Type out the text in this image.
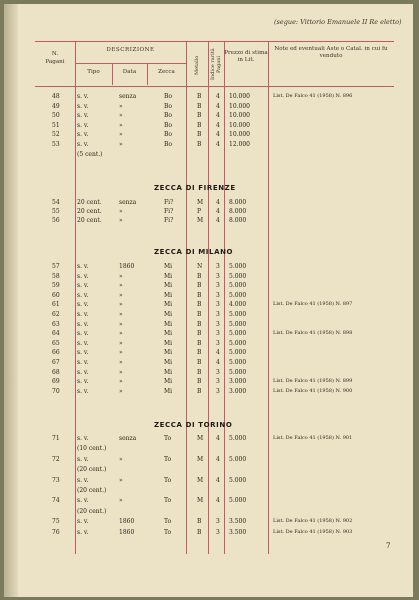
(segue: Vittorio Emanuele II Re eletto)
N.
Pagani
DESCRIZIONE
Tipo	Data	Zecca	Metallo Indice rarità Pagani
Prezzo di stima in Lit.
Note ed eventuali Aste o Catal. in cui fu venduto
48	s. v.	senza	Bo	B 4 10.000	List. De Falco 41 (1958) N. 896
49	s. v.	»	Bo	B 4 10.000
50	s. v.	»	Bo	B 4 10.000
51	s. v.	»	Bo	B 4 10.000
52	s. v.	»	Bo	B 4 10.000
53	s. v.	»	Bo	B 4 12.000
(5 cent.)
ZECCA DI FIRENZE
54	20 cent.	senza	Fi?	M 4 8.000
55	20 cent.	»	Fi?	P 4 8.000
56	20 cent.	»	Fi?	M 4 8.000
ZECCA DI MILANO
57	s. v.	1860	Mi	N 3 5.000
58	s. v.	»	Mi	B 3 5.000
59	s. v.	»	Mi	B 3 5.000
60	s. v.	»	Mi	B 3 5.000
61	s. v.	»	Mi	B 3 4.000	List. De Falco 41 (1958) N. 897
62	s. v.	»	Mi	B 3 5.000
63	s. v.	»	Mi	B 3 5.000
64	s. v.	»	Mi	B 3 5.000	List. De Falco 41 (1958) N. 898
65	s. v.	»	Mi	B 3 5.000
66	s. v.	»	Mi	B 4 5.000
67	s. v.	»	Mi	B 4 5.000
68	s. v.	»	Mi	B 3 5.000
69	s. v.	»	Mi	B 3 3.000	List. De Falco 41 (1958) N. 899
70	s. v.	»	Mi	B 3 3.000	List. De Falco 41 (1958) N. 900
ZECCA DI TORINO
71	s. v.	senza	To	M 4 5.000	List. De Falco 41 (1958) N. 901
(10 cent.)
72	s. v.	»	To	M 4 5.000
(20 cent.)
73	s. v.	»	To	M 4 5.000
(20 cent.)
74	s. v.	»	To	M 4 5.000
(20 cent.)
75	s. v.	1860	To	B 3 3.500	List. De Falco 41 (1958) N. 902
76	s. v.	1860	To	B 3 3.500	List. De Falco 41 (1958) N. 903
7
